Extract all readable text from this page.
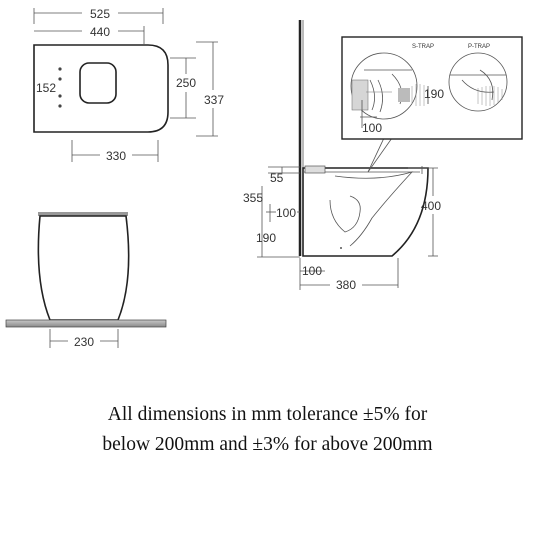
525
440
152	250
337
330
55
355
100
190
400
100
380
S-TRAP	P-TRAP
100
190
230
All dimensions in mm tolerance ±5% for
below 200mm and ±3% for above 200mm
